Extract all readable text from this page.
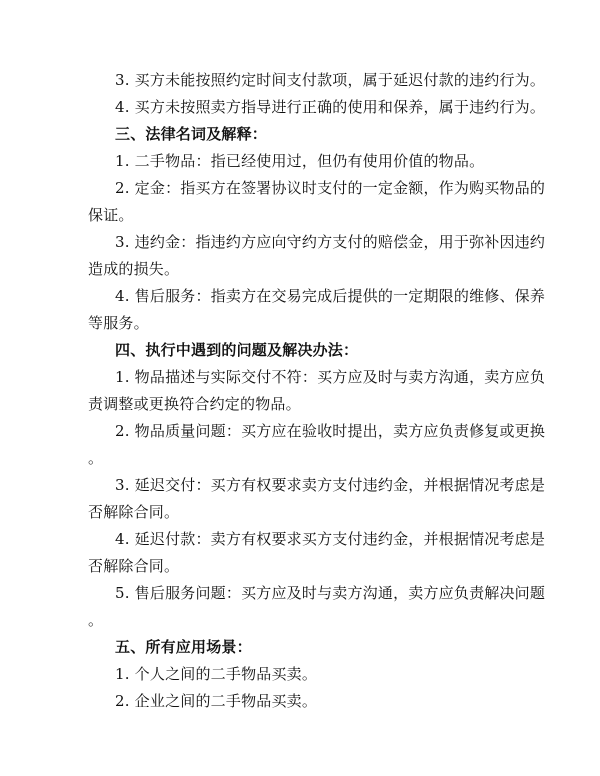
3. 买方未能按照约定时间支付款项，属于延迟付款的违约行为。
4. 买方未按照卖方指导进行正确的使用和保养，属于违约行为。
三、法律名词及解释：
1. 二手物品：指已经使用过，但仍有使用价值的物品。
2. 定金：指买方在签署协议时支付的一定金额，作为购买物品的
保证。
3. 违约金：指违约方应向守约方支付的赔偿金，用于弥补因违约
造成的损失。
4. 售后服务：指卖方在交易完成后提供的一定期限的维修、保养
等服务。
四、执行中遇到的问题及解决办法：
1. 物品描述与实际交付不符：买方应及时与卖方沟通，卖方应负
责调整或更换符合约定的物品。
2. 物品质量问题：买方应在验收时提出，卖方应负责修复或更换
。
3. 延迟交付：买方有权要求卖方支付违约金，并根据情况考虑是
否解除合同。
4. 延迟付款：卖方有权要求买方支付违约金，并根据情况考虑是
否解除合同。
5. 售后服务问题：买方应及时与卖方沟通，卖方应负责解决问题
。
五、所有应用场景：
1. 个人之间的二手物品买卖。
2. 企业之间的二手物品买卖。
